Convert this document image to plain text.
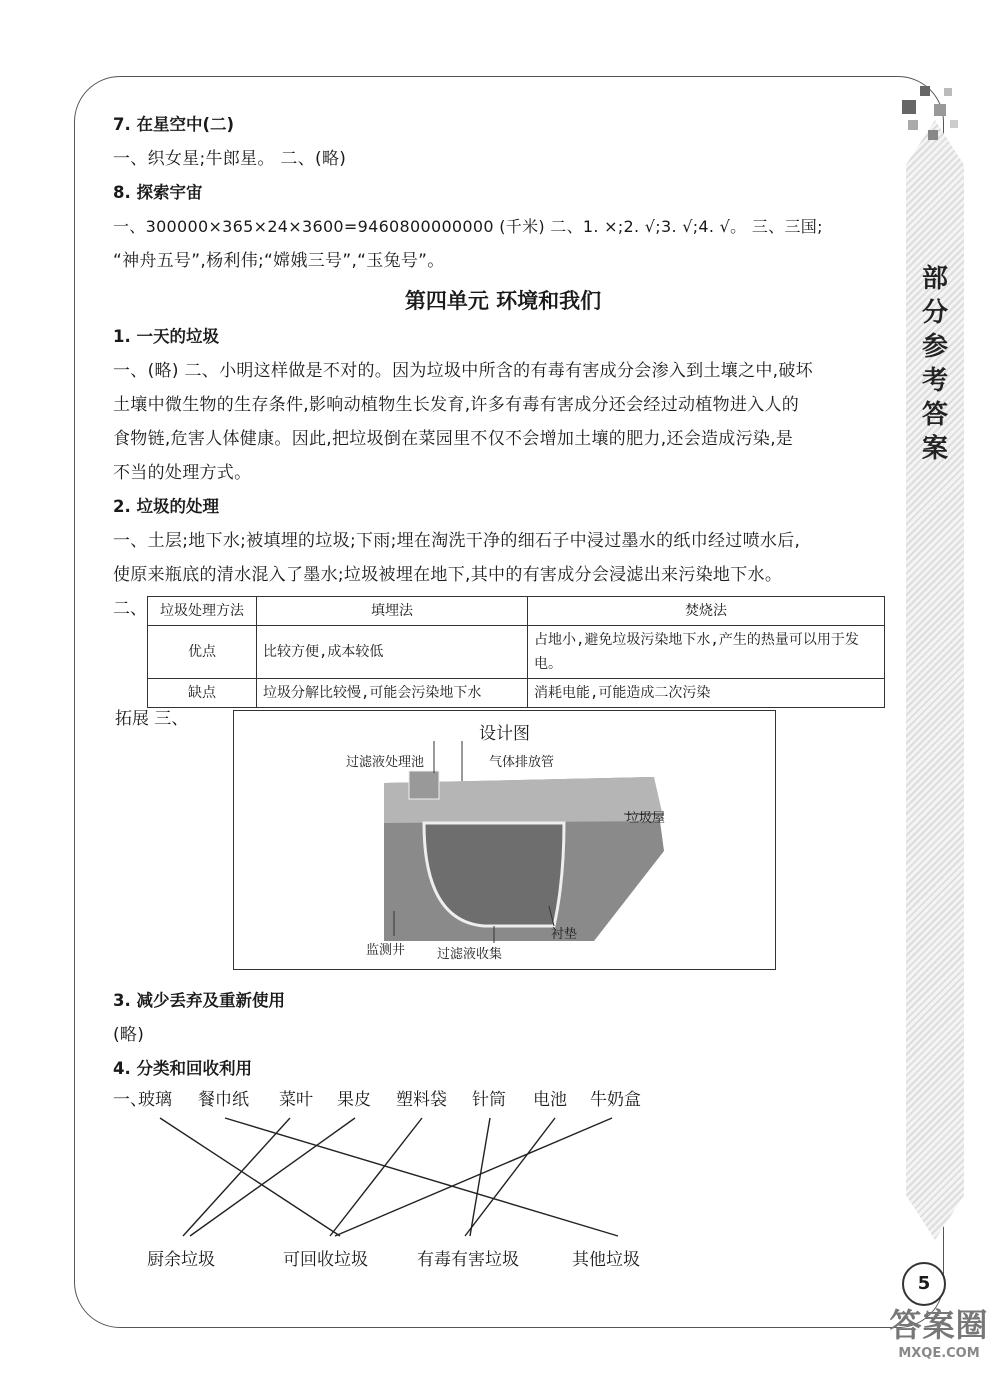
部
分
参
考
答
案
5
答案圈
MXQE.COM
7. 在星空中(二)
一、织女星;牛郎星。 二、(略)
8. 探索宇宙
一、300000×365×24×3600=9460800000000 (千米) 二、1. ×;2. √;3. √;4. √。 三、三国;
“神舟五号”,杨利伟;“嫦娥三号”,“玉兔号”。
第四单元 环境和我们
1. 一天的垃圾
一、(略) 二、小明这样做是不对的。因为垃圾中所含的有毒有害成分会渗入到土壤之中,破坏
土壤中微生物的生存条件,影响动植物生长发育,许多有毒有害成分还会经过动植物进入人的
食物链,危害人体健康。因此,把垃圾倒在菜园里不仅不会增加土壤的肥力,还会造成污染,是
不当的处理方式。
2. 垃圾的处理
一、土层;地下水;被填埋的垃圾;下雨;埋在淘洗干净的细石子中浸过墨水的纸巾经过喷水后,
使原来瓶底的清水混入了墨水;垃圾被埋在地下,其中的有害成分会浸滤出来污染地下水。
二、 垃圾处理方法	填埋法	焚烧法
优点	比较方便,成本较低	占地小,避免垃圾污染地下水,产生的热量可以用于发电。
缺点	垃圾分解比较慢,可能会污染地下水	消耗电能,可能造成二次污染
拓展 三、
设计图
过滤液处理池	气体排放管
垃圾屋
衬垫
监测井 过滤液收集
3. 减少丢弃及重新使用
(略)
4. 分类和回收利用
一、
玻璃 餐巾纸 菜叶 果皮 塑料袋 针筒 电池 牛奶盒
厨余垃圾	可回收垃圾	有毒有害垃圾	其他垃圾
